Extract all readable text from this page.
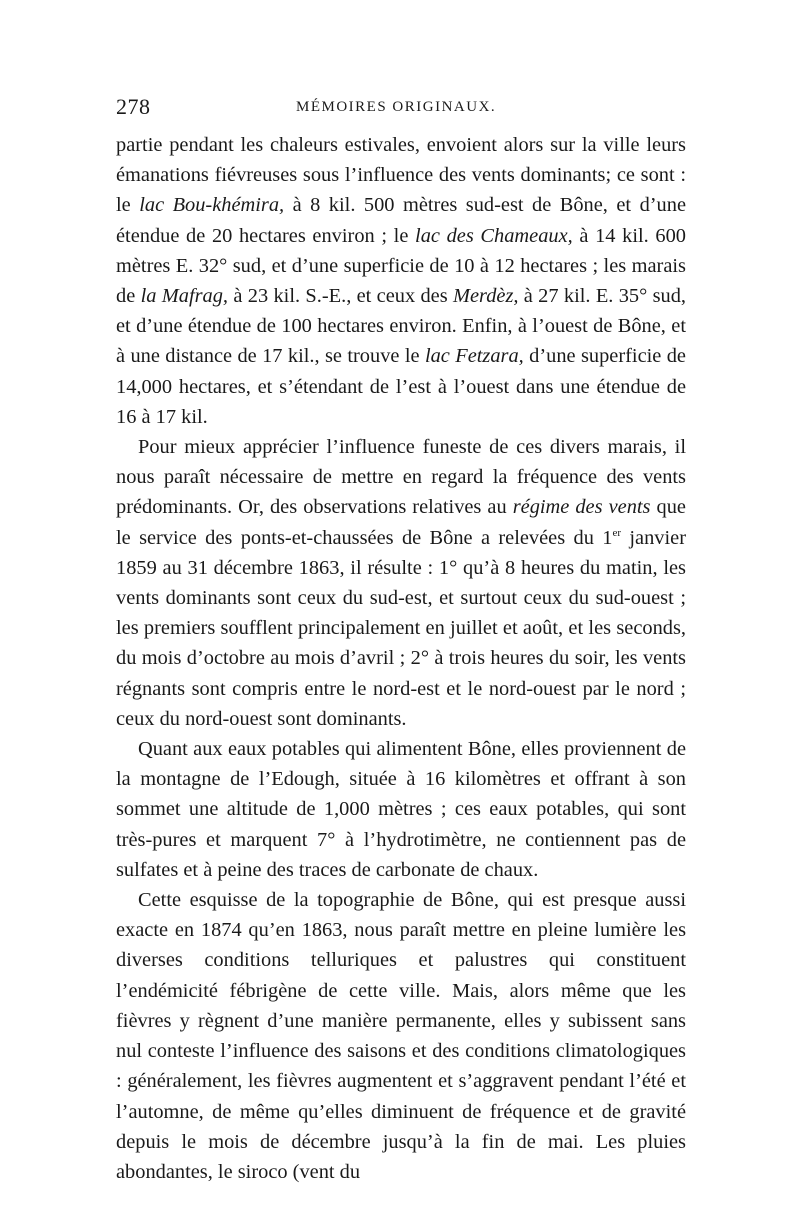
278	MÉMOIRES ORIGINAUX.

partie pendant les chaleurs estivales, envoient alors sur la ville leurs émanations fiévreuses sous l’influence des vents dominants; ce sont : le lac Bou-khémira, à 8 kil. 500 mètres sud-est de Bône, et d’une étendue de 20 hectares environ ; le lac des Chameaux, à 14 kil. 600 mètres E. 32° sud, et d’une superficie de 10 à 12 hectares ; les marais de la Mafrag, à 23 kil. S.-E., et ceux des Merdèz, à 27 kil. E. 35° sud, et d’une étendue de 100 hectares environ. Enfin, à l’ouest de Bône, et à une distance de 17 kil., se trouve le lac Fetzara, d’une superficie de 14,000 hectares, et s’étendant de l’est à l’ouest dans une étendue de 16 à 17 kil.

Pour mieux apprécier l’influence funeste de ces divers marais, il nous paraît nécessaire de mettre en regard la fréquence des vents prédominants. Or, des observations relatives au régime des vents que le service des ponts-et-chaussées de Bône a relevées du 1er janvier 1859 au 31 décembre 1863, il résulte : 1° qu’à 8 heures du matin, les vents dominants sont ceux du sud-est, et surtout ceux du sud-ouest ; les premiers soufflent principalement en juillet et août, et les seconds, du mois d’octobre au mois d’avril ; 2° à trois heures du soir, les vents régnants sont compris entre le nord-est et le nord-ouest par le nord ; ceux du nord-ouest sont dominants.

Quant aux eaux potables qui alimentent Bône, elles proviennent de la montagne de l’Edough, située à 16 kilomètres et offrant à son sommet une altitude de 1,000 mètres ; ces eaux potables, qui sont très-pures et marquent 7° à l’hydrotimètre, ne contiennent pas de sulfates et à peine des traces de carbonate de chaux.

Cette esquisse de la topographie de Bône, qui est presque aussi exacte en 1874 qu’en 1863, nous paraît mettre en pleine lumière les diverses conditions telluriques et palustres qui constituent l’endémicité fébrigène de cette ville. Mais, alors même que les fièvres y règnent d’une manière permanente, elles y subissent sans nul conteste l’influence des saisons et des conditions climatologiques : généralement, les fièvres augmentent et s’aggravent pendant l’été et l’automne, de même qu’elles diminuent de fréquence et de gravité depuis le mois de décembre jusqu’à la fin de mai. Les pluies abondantes, le siroco (vent du
